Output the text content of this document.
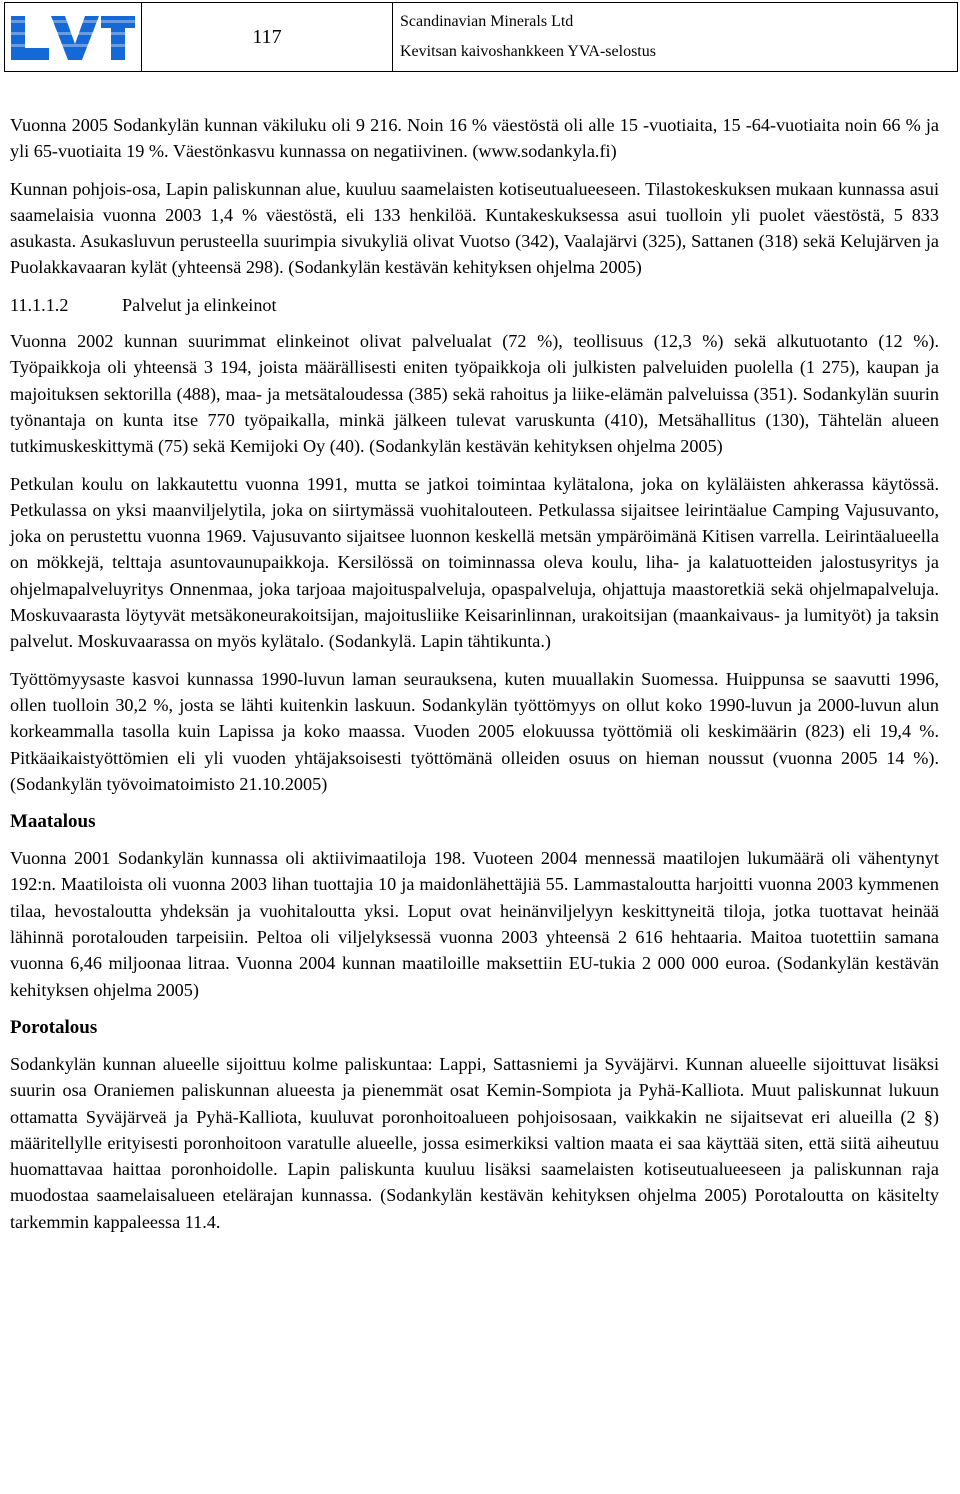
	117	
Scandinavian Minerals Ltd
Kevitsan kaivoshankkeen YVA-selostus

Vuonna 2005 Sodankylän kunnan väkiluku oli 9 216. Noin 16 % väestöstä oli alle 15 -vuotiaita, 15 -64-vuotiaita noin 66 % ja yli 65-vuotiaita 19 %. Väestönkasvu kunnassa on negatiivinen. (www.sodankyla.fi)

Kunnan pohjois-osa, Lapin paliskunnan alue, kuuluu saamelaisten kotiseutualueeseen. Tilastokeskuksen mukaan kunnassa asui saamelaisia vuonna 2003 1,4 % väestöstä, eli 133 henkilöä. Kuntakeskuksessa asui tuolloin yli puolet väestöstä, 5 833 asukasta. Asukasluvun perusteella suurimpia sivukyliä olivat Vuotso (342), Vaalajärvi (325), Sattanen (318) sekä Kelujärven ja Puolakkavaaran kylät (yhteensä 298). (Sodankylän kestävän kehityksen ohjelma 2005)

11.1.1.2	Palvelut ja elinkeinot

Vuonna 2002 kunnan suurimmat elinkeinot olivat palvelualat (72 %), teollisuus (12,3 %) sekä alkutuotanto (12 %). Työpaikkoja oli yhteensä 3 194, joista määrällisesti eniten työpaikkoja oli julkisten palveluiden puolella (1 275), kaupan ja majoituksen sektorilla (488), maa- ja metsätaloudessa (385) sekä rahoitus ja liike-elämän palveluissa (351). Sodankylän suurin työnantaja on kunta itse 770 työpaikalla, minkä jälkeen tulevat varuskunta (410), Metsähallitus (130), Tähtelän alueen tutkimuskeskittymä (75) sekä Kemijoki Oy (40). (Sodankylän kestävän kehityksen ohjelma 2005)

Petkulan koulu on lakkautettu vuonna 1991, mutta se jatkoi toimintaa kylätalona, joka on kyläläisten ahkerassa käytössä. Petkulassa on yksi maanviljelytila, joka on siirtymässä vuohitalouteen. Petkulassa sijaitsee leirintäalue Camping Vajusuvanto, joka on perustettu vuonna 1969. Vajusuvanto sijaitsee luonnon keskellä metsän ympäröimänä Kitisen varrella. Leirintäalueella on mökkejä, telttaja asuntovaunupaikkoja. Kersilössä on toiminnassa oleva koulu, liha- ja kalatuotteiden jalostusyritys ja ohjelmapalveluyritys Onnenmaa, joka tarjoaa majoituspalveluja, opaspalveluja, ohjattuja maastoretkiä sekä ohjelmapalveluja. Moskuvaarasta löytyvät metsäkoneurakoitsijan, majoitusliike Keisarinlinnan, urakoitsijan (maankaivaus- ja lumityöt) ja taksin palvelut. Moskuvaarassa on myös kylätalo. (Sodankylä. Lapin tähtikunta.)

Työttömyysaste kasvoi kunnassa 1990-luvun laman seurauksena, kuten muuallakin Suomessa. Huippunsa se saavutti 1996, ollen tuolloin 30,2 %, josta se lähti kuitenkin laskuun. Sodankylän työttömyys on ollut koko 1990-luvun ja 2000-luvun alun korkeammalla tasolla kuin Lapissa ja koko maassa. Vuoden 2005 elokuussa työttömiä oli keskimäärin (823) eli 19,4 %. Pitkäaikaistyöttömien eli yli vuoden yhtäjaksoisesti työttömänä olleiden osuus on hieman noussut (vuonna 2005 14 %). (Sodankylän työvoimatoimisto 21.10.2005)

Maatalous

Vuonna 2001 Sodankylän kunnassa oli aktiivimaatiloja 198. Vuoteen 2004 mennessä maatilojen lukumäärä oli vähentynyt 192:n. Maatiloista oli vuonna 2003 lihan tuottajia 10 ja maidonlähettäjiä 55. Lammastaloutta harjoitti vuonna 2003 kymmenen tilaa, hevostaloutta yhdeksän ja vuohitaloutta yksi. Loput ovat heinänviljelyyn keskittyneitä tiloja, jotka tuottavat heinää lähinnä porotalouden tarpeisiin. Peltoa oli viljelyksessä vuonna 2003 yhteensä 2 616 hehtaaria. Maitoa tuotettiin samana vuonna 6,46 miljoonaa litraa. Vuonna 2004 kunnan maatiloille maksettiin EU-tukia 2 000 000 euroa. (Sodankylän kestävän kehityksen ohjelma 2005)

Porotalous

Sodankylän kunnan alueelle sijoittuu kolme paliskuntaa: Lappi, Sattasniemi ja Syväjärvi. Kunnan alueelle sijoittuvat lisäksi suurin osa Oraniemen paliskunnan alueesta ja pienemmät osat Kemin-Sompiota ja Pyhä-Kalliota. Muut paliskunnat lukuun ottamatta Syväjärveä ja Pyhä-Kalliota, kuuluvat poronhoitoalueen pohjoisosaan, vaikkakin ne sijaitsevat eri alueilla (2 §) määritellylle erityisesti poronhoitoon varatulle alueelle, jossa esimerkiksi valtion maata ei saa käyttää siten, että siitä aiheutuu huomattavaa haittaa poronhoidolle. Lapin paliskunta kuuluu lisäksi saamelaisten kotiseutualueeseen ja paliskunnan raja muodostaa saamelaisalueen etelärajan kunnassa. (Sodankylän kestävän kehityksen ohjelma 2005) Porotaloutta on käsitelty tarkemmin kappaleessa 11.4.
